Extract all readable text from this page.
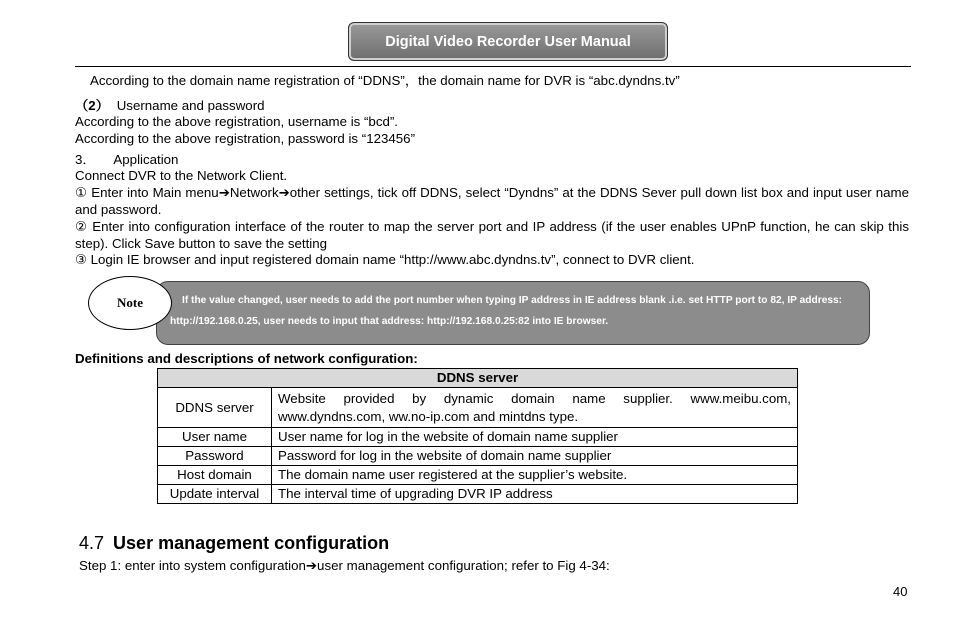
Digital Video Recorder User Manual
According to the domain name registration of “DDNS”，the domain name for DVR is “abc.dyndns.tv”
（2） Username and password
According to the above registration, username is “bcd”.
According to the above registration, password is “123456”
3． Application
Connect DVR to the Network Client.
① Enter into Main menu➔Network➔other settings, tick off DDNS, select “Dyndns” at the DDNS Sever pull down list box and input user name and password.
② Enter into configuration interface of the router to map the server port and IP address (if the user enables UPnP function, he can skip this step). Click Save button to save the setting
③ Login IE browser and input registered domain name “http://www.abc.dyndns.tv”, connect to DVR client.
If the value changed, user needs to add the port number when typing IP address in IE address blank .i.e. set HTTP port to 82, IP address: http://192.168.0.25, user needs to input that address: http://192.168.0.25:82 into IE browser.
Note
Definitions and descriptions of network configuration:
DDNS server	
DDNS server	Website provided by dynamic domain name supplier. www.meibu.com, www.dyndns.com, ww.no-ip.com and mintdns type.
User name	User name for log in the website of domain name supplier
Password	Password for log in the website of domain name supplier
Host domain	The domain name user registered at the supplier’s website.
Update interval	The interval time of upgrading DVR IP address
4.7 User management configuration
Step 1: enter into system configuration➔user management configuration; refer to Fig 4-34:
40
